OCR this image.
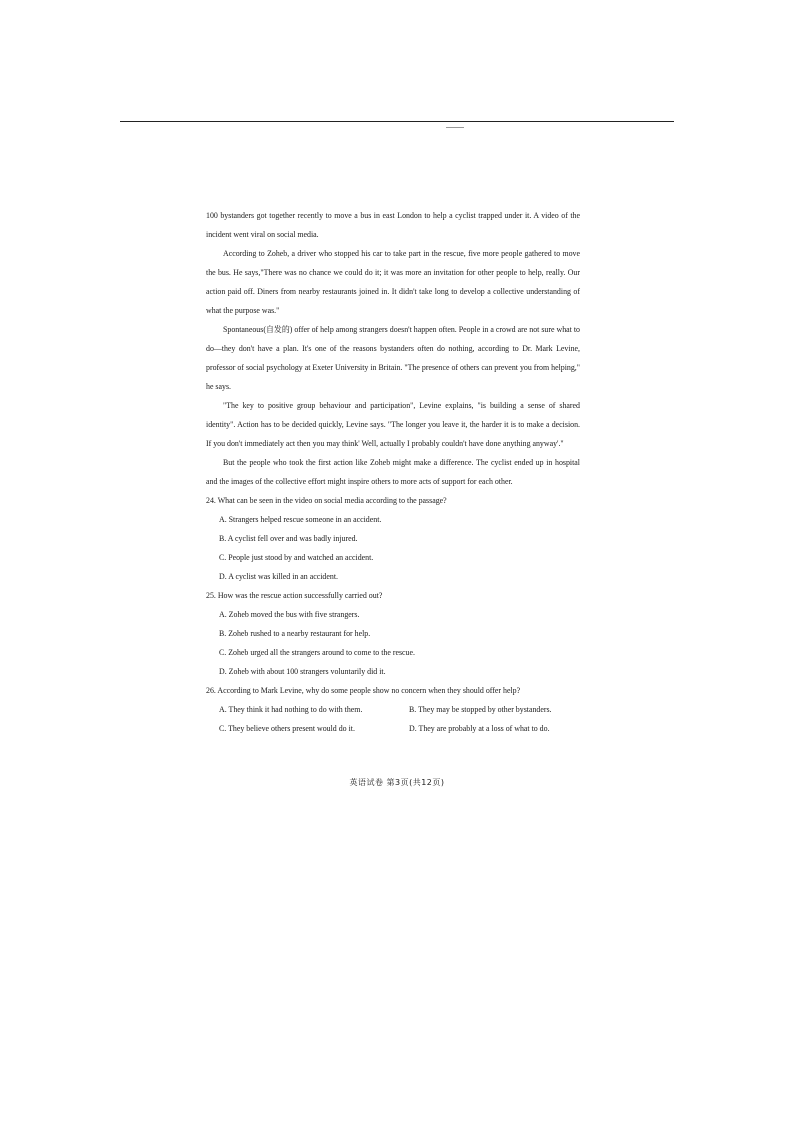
100 bystanders got together recently to move a bus in east London to help a cyclist trapped under it. A video of the incident went viral on social media.

According to Zoheb, a driver who stopped his car to take part in the rescue, five more people gathered to move the bus. He says,"There was no chance we could do it; it was more an invitation for other people to help, really. Our action paid off. Diners from nearby restaurants joined in. It didn't take long to develop a collective understanding of what the purpose was."

Spontaneous(自发的) offer of help among strangers doesn't happen often. People in a crowd are not sure what to do—they don't have a plan. It's one of the reasons bystanders often do nothing, according to Dr. Mark Levine, professor of social psychology at Exeter University in Britain. "The presence of others can prevent you from helping," he says.

"The key to positive group behaviour and participation", Levine explains, "is building a sense of shared identity". Action has to be decided quickly, Levine says. "The longer you leave it, the harder it is to make a decision. If you don't immediately act then you may think' Well, actually I probably couldn't have done anything anyway'."

But the people who took the first action like Zoheb might make a difference. The cyclist ended up in hospital and the images of the collective effort might inspire others to more acts of support for each other.

24. What can be seen in the video on social media according to the passage?

A. Strangers helped rescue someone in an accident.

B. A cyclist fell over and was badly injured.

C. People just stood by and watched an accident.

D. A cyclist was killed in an accident.

25. How was the rescue action successfully carried out?

A. Zoheb moved the bus with five strangers.

B. Zoheb rushed to a nearby restaurant for help.

C. Zoheb urged all the strangers around to come to the rescue.

D. Zoheb with about 100 strangers voluntarily did it.

26. According to Mark Levine, why do some people show no concern when they should offer help?

A. They think it had nothing to do with them.	B. They may be stopped by other bystanders.
C. They believe others present would do it.	D. They are probably at a loss of what to do.
英语试卷 第3页(共12页)
